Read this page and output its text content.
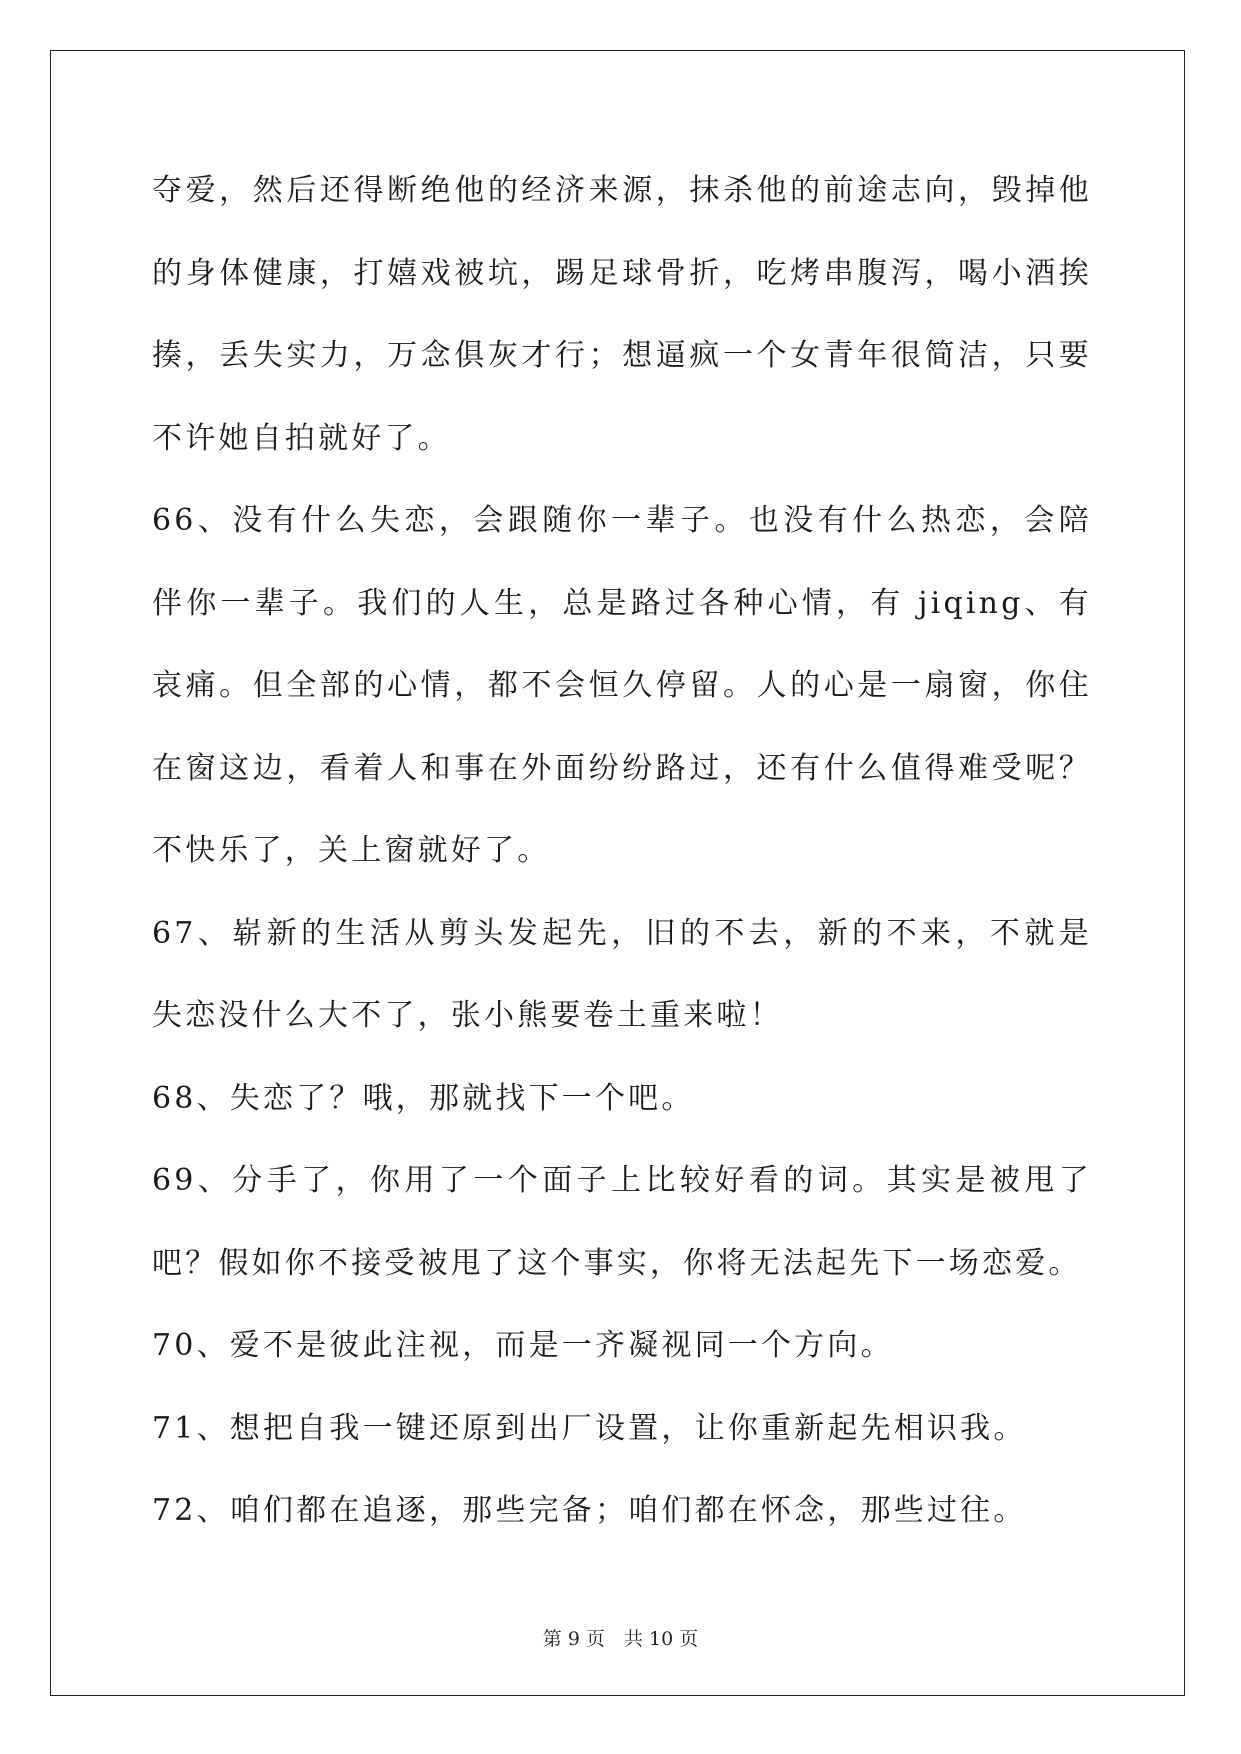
夺爱，然后还得断绝他的经济来源，抹杀他的前途志向，毁掉他的身体健康，打嬉戏被坑，踢足球骨折，吃烤串腹泻，喝小酒挨揍，丢失实力，万念俱灰才行；想逼疯一个女青年很简洁，只要不许她自拍就好了。

66、没有什么失恋，会跟随你一辈子。也没有什么热恋，会陪伴你一辈子。我们的人生，总是路过各种心情，有 jiqing、有哀痛。但全部的心情，都不会恒久停留。人的心是一扇窗，你住在窗这边，看着人和事在外面纷纷路过，还有什么值得难受呢？不快乐了，关上窗就好了。

67、崭新的生活从剪头发起先，旧的不去，新的不来，不就是失恋没什么大不了，张小熊要卷土重来啦！

68、失恋了？哦，那就找下一个吧。

69、分手了，你用了一个面子上比较好看的词。其实是被甩了吧？假如你不接受被甩了这个事实，你将无法起先下一场恋爱。

70、爱不是彼此注视，而是一齐凝视同一个方向。

71、想把自我一键还原到出厂设置，让你重新起先相识我。

72、咱们都在追逐，那些完备；咱们都在怀念，那些过往。

第 9 页　共 10 页
